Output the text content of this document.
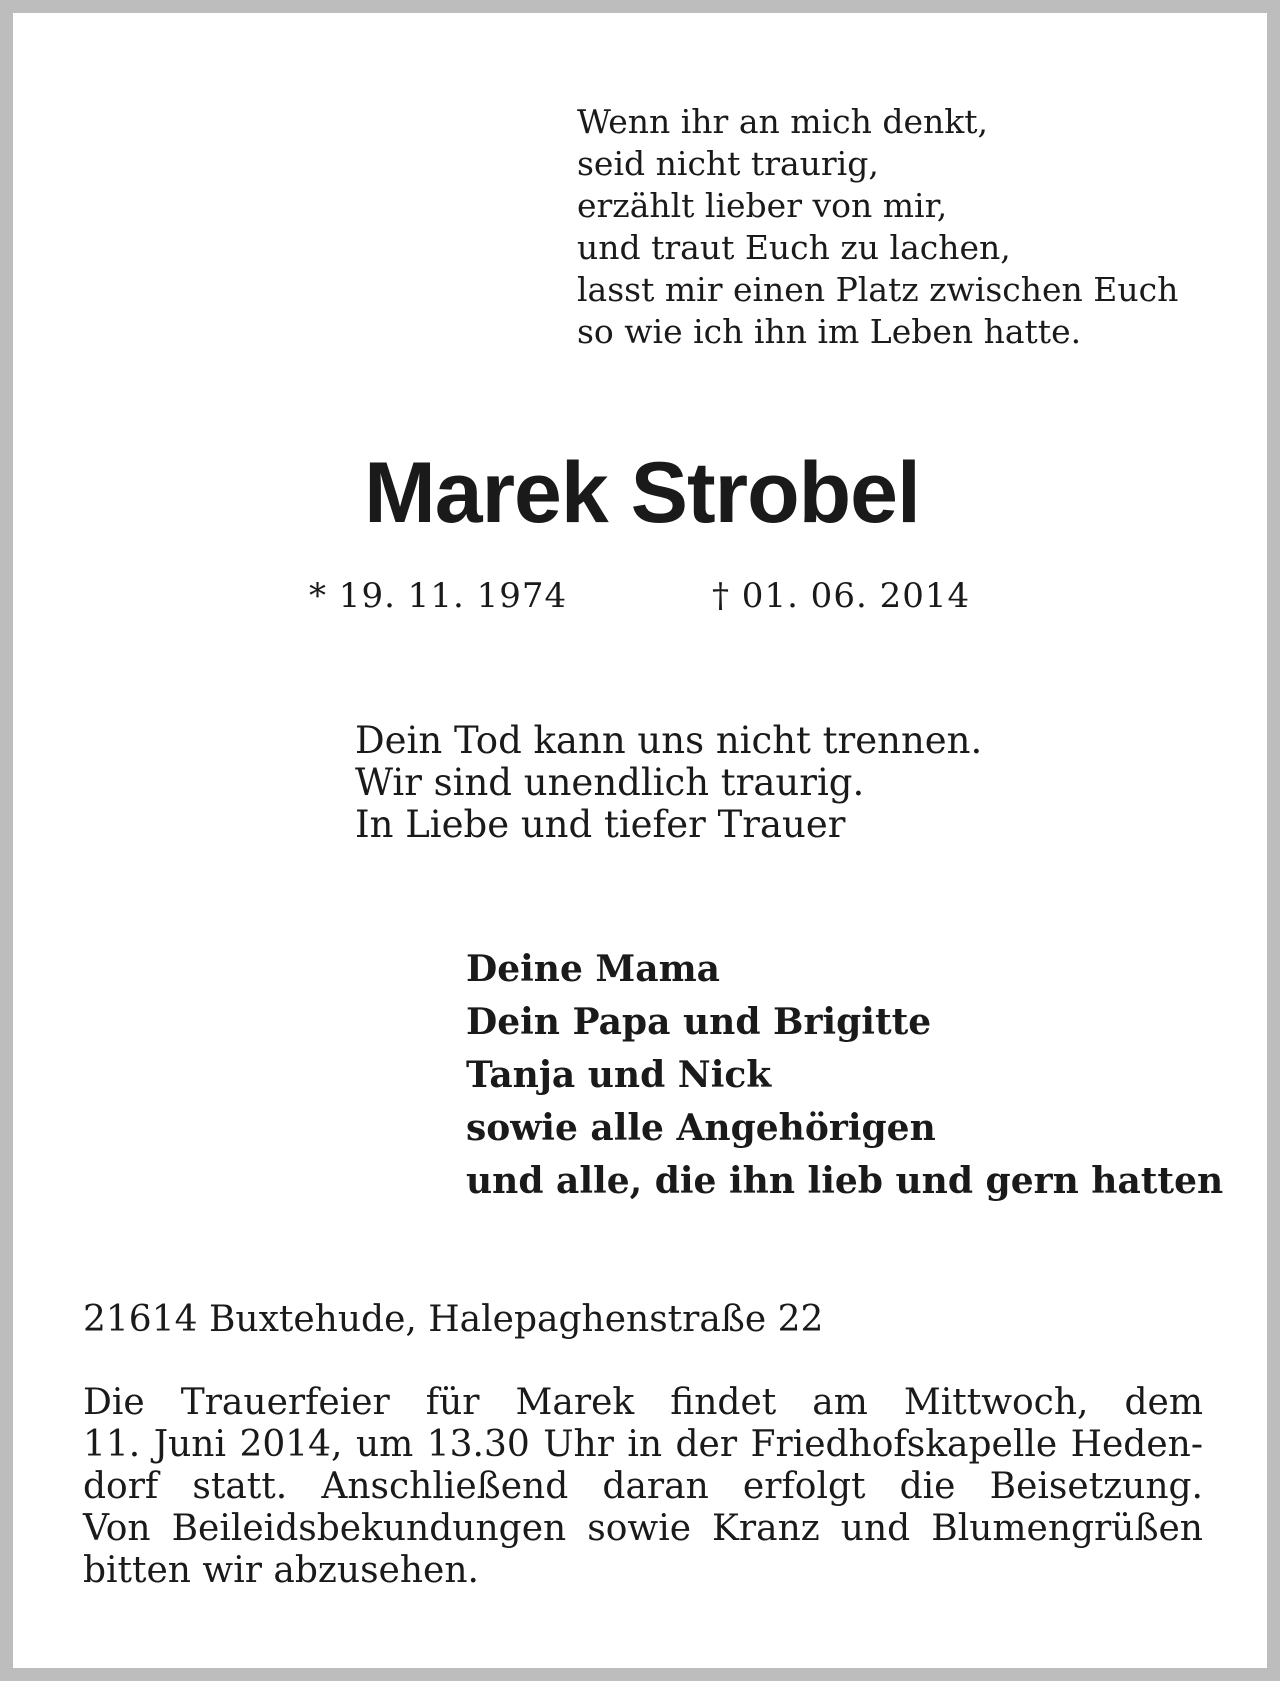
Wenn ihr an mich denkt,
seid nicht traurig,
erzählt lieber von mir,
und traut Euch zu lachen,
lasst mir einen Platz zwischen Euch
so wie ich ihn im Leben hatte.
Marek Strobel
* 19. 11. 1974	† 01. 06. 2014
Dein Tod kann uns nicht trennen.
Wir sind unendlich traurig.
In Liebe und tiefer Trauer
Deine Mama
Dein Papa und Brigitte
Tanja und Nick
sowie alle Angehörigen
und alle, die ihn lieb und gern hatten
21614 Buxtehude, Halepaghenstraße 22
Die Trauerfeier für Marek findet am Mittwoch, dem
11. Juni 2014, um 13.30 Uhr in der Friedhofskapelle Heden-
dorf statt. Anschließend daran erfolgt die Beisetzung.
Von Beileidsbekundungen sowie Kranz und Blumengrüßen
bitten wir abzusehen.
